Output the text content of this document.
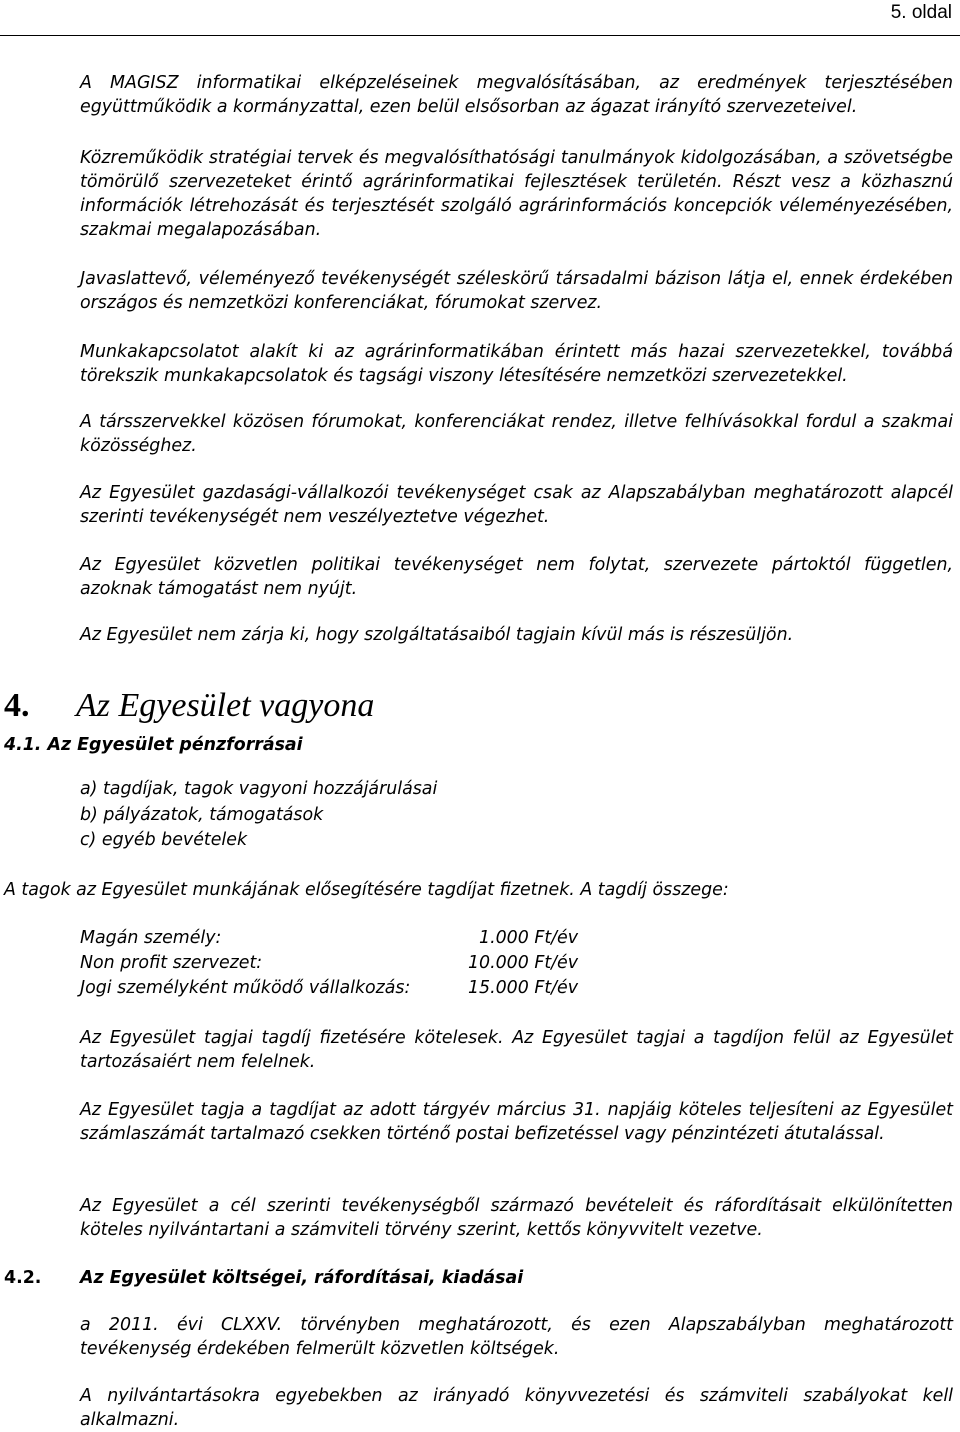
5. oldal

A MAGISZ informatikai elképzeléseinek megvalósításában, az eredmények terjesztésében együttműködik a kormányzattal, ezen belül elsősorban az ágazat irányító szervezeteivel.

Közreműködik stratégiai tervek és megvalósíthatósági tanulmányok kidolgozásában, a szövetségbe tömörülő szervezeteket érintő agrárinformatikai fejlesztések területén. Részt vesz a közhasznú információk létrehozását és terjesztését szolgáló agrárinformációs koncepciók véleményezésében, szakmai megalapozásában.

Javaslattevő, véleményező tevékenységét széleskörű társadalmi bázison látja el, ennek érdekében országos és nemzetközi konferenciákat, fórumokat szervez.

Munkakapcsolatot alakít ki az agrárinformatikában érintett más hazai szervezetekkel, továbbá törekszik munkakapcsolatok és tagsági viszony létesítésére nemzetközi szervezetekkel.

A társszervekkel közösen fórumokat, konferenciákat rendez, illetve felhívásokkal fordul a szakmai közösséghez.

Az Egyesület gazdasági-vállalkozói tevékenységet csak az Alapszabályban meghatározott alapcél szerinti tevékenységét nem veszélyeztetve végezhet.

Az Egyesület közvetlen politikai tevékenységet nem folytat, szervezete pártoktól független, azoknak támogatást nem nyújt.

Az Egyesület nem zárja ki, hogy szolgáltatásaiból tagjain kívül más is részesüljön.

4. Az Egyesület vagyona
4.1. Az Egyesület pénzforrásai
a) tagdíjak, tagok vagyoni hozzájárulásai
b) pályázatok, támogatások
c) egyéb bevételek

A tagok az Egyesület munkájának elősegítésére tagdíjat fizetnek. A tagdíj összege:

Magán személy:	1.000 Ft/év
Non profit szervezet:	10.000 Ft/év
Jogi személyként működő vállalkozás:	15.000 Ft/év

Az Egyesület tagjai tagdíj fizetésére kötelesek. Az Egyesület tagjai a tagdíjon felül az Egyesület tartozásaiért nem felelnek.

Az Egyesület tagja a tagdíjat az adott tárgyév március 31. napjáig köteles teljesíteni az Egyesület számlaszámát tartalmazó csekken történő postai befizetéssel vagy pénzintézeti átutalással.

Az Egyesület a cél szerinti tevékenységből származó bevételeit és ráfordításait elkülönítetten köteles nyilvántartani a számviteli törvény szerint, kettős könyvvitelt vezetve.

4.2. Az Egyesület költségei, ráfordításai, kiadásai

a 2011. évi CLXXV. törvényben meghatározott, és ezen Alapszabályban meghatározott tevékenység érdekében felmerült közvetlen költségek.

A nyilvántartásokra egyebekben az irányadó könyvvezetési és számviteli szabályokat kell alkalmazni.
